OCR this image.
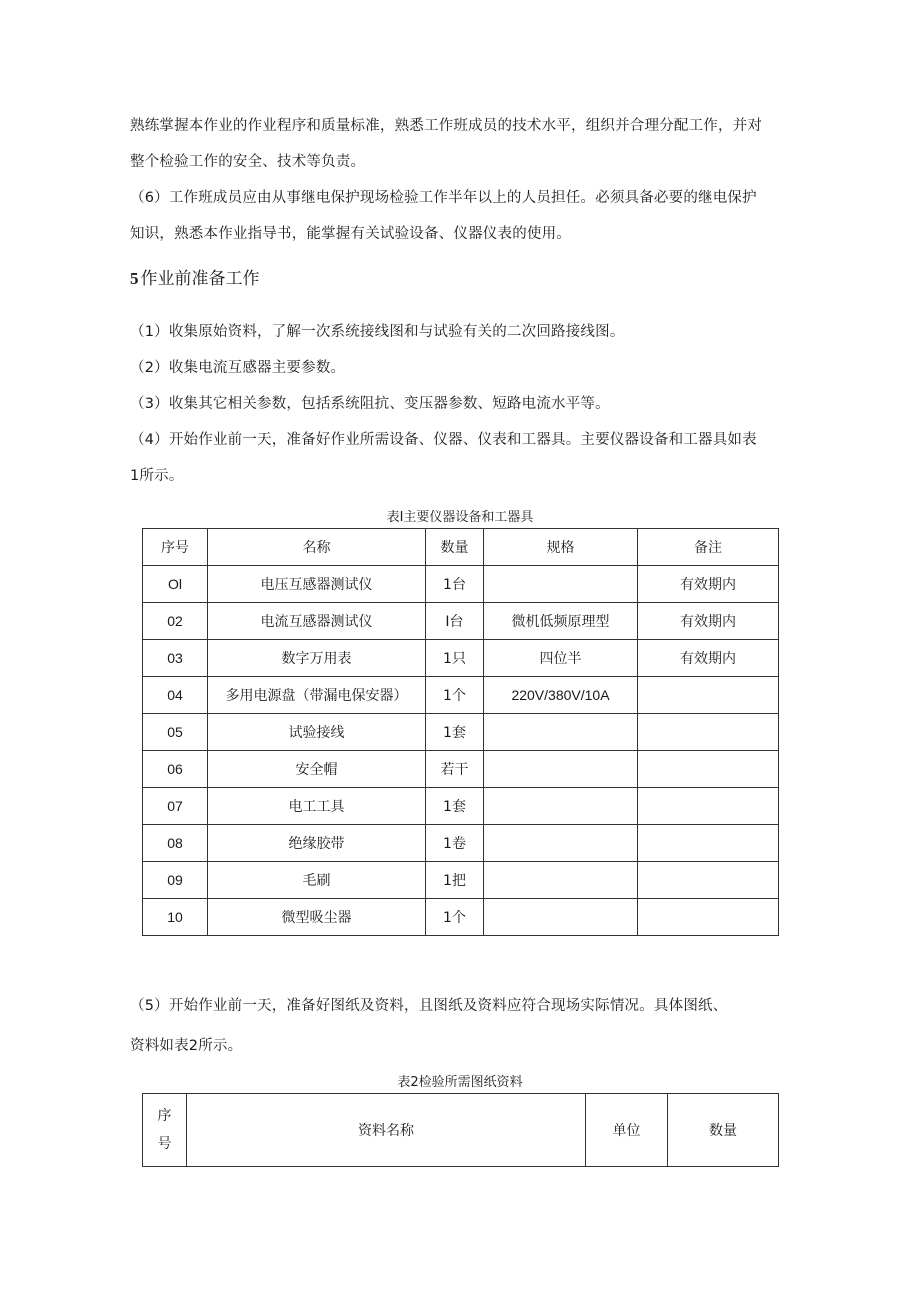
熟练掌握本作业的作业程序和质量标准，熟悉工作班成员的技术水平，组织并合理分配工作，并对
整个检验工作的安全、技术等负责。
（6）工作班成员应由从事继电保护现场检验工作半年以上的人员担任。必须具备必要的继电保护
知识，熟悉本作业指导书，能掌握有关试验设备、仪器仪表的使用。
5 作业前准备工作
（1）收集原始资料，了解一次系统接线图和与试验有关的二次回路接线图。
（2）收集电流互感器主要参数。
（3）收集其它相关参数，包括系统阻抗、变压器参数、短路电流水平等。
（4）开始作业前一天，准备好作业所需设备、仪器、仪表和工器具。主要仪器设备和工器具如表
1所示。
表I主要仪器设备和工器具
序号	名称	数量	规格	备注
Ol	电压互感器测试仪	1台		有效期内
02	电流互感器测试仪	I台	微机低频原理型	有效期内
03	数字万用表	1只	四位半	有效期内
04	多用电源盘（带漏电保安器）	1个	220V/380V/10A	
05	试验接线	1套		
06	安全帽	若干		
07	电工工具	1套		
08	绝缘胶带	1卷		
09	毛刷	1把		
10	微型吸尘器	1个		
（5）开始作业前一天，准备好图纸及资料，且图纸及资料应符合现场实际情况。具体图纸、
资料如表2所示。
表2检验所需图纸资料
序
号
	资料名称	单位	数量
